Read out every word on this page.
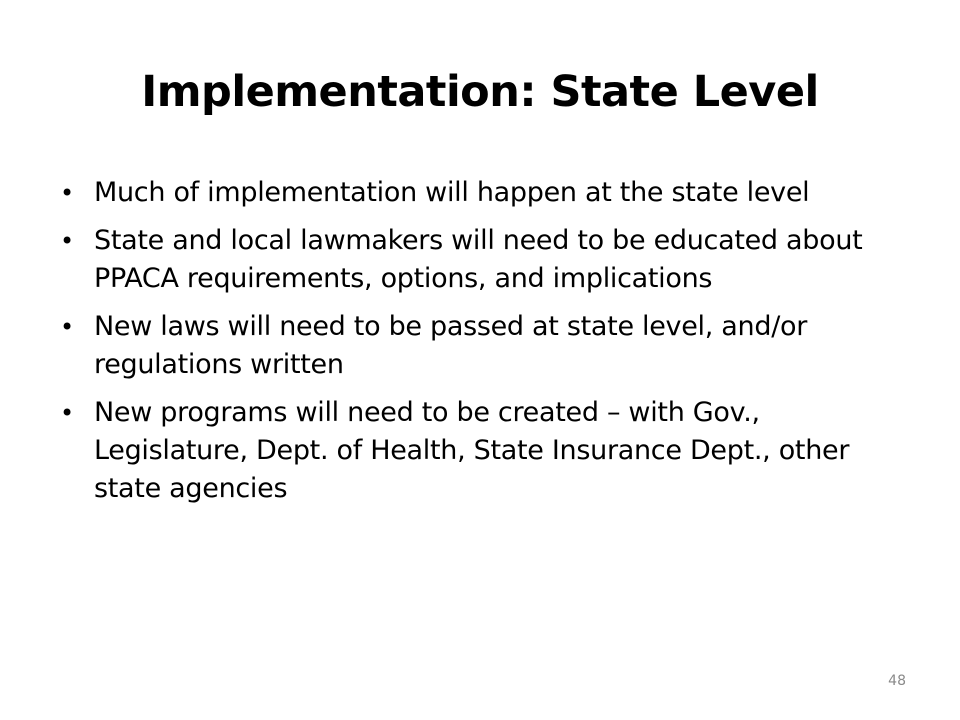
Implementation: State Level
• Much of implementation will happen at the state level
• State and local lawmakers will need to be educated about PPACA requirements, options, and implications
• New laws will need to be passed at state level, and/or regulations written
• New programs will need to be created – with Gov., Legislature, Dept. of Health, State Insurance Dept., other state agencies
48
